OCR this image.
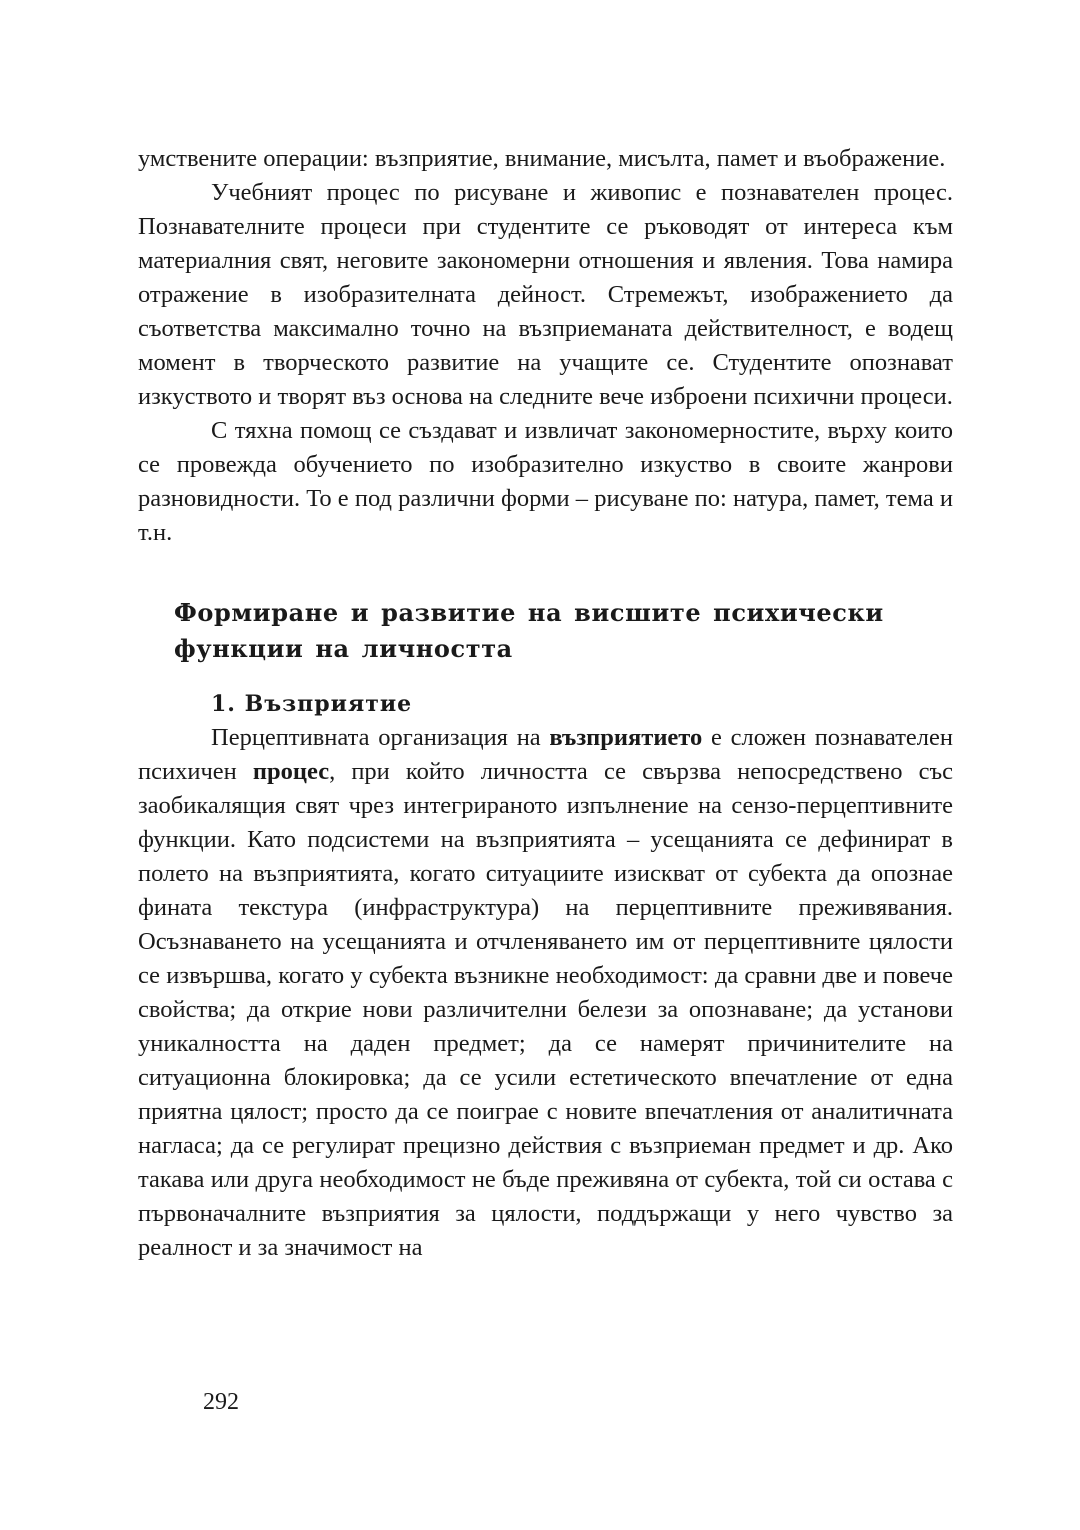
умствените операции: възприятие, внимание, мисълта, памет и въображение.

Учебният процес по рисуване и живопис е познавателен процес. Познавателните процеси при студентите се ръководят от интереса към материалния свят, неговите закономерни отношения и явления. Това намира отражение в изобразителната дейност. Стремежът, изображението да съответства максимално точно на възприеманата действителност, е водещ момент в творческото развитие на учащите се. Студентите опознават изкуството и творят въз основа на следните вече изброени психични процеси.

С тяхна помощ се създават и извличат закономерностите, върху които се провежда обучението по изобразително изкуство в своите жанрови разновидности. То е под различни форми – рисуване по: натура, памет, тема и т.н.

Формиране и развитие на висшите психически функции на личността
1. Възприятие

Перцептивната организация на възприятието е сложен познавателен психичен процес, при който личността се свързва непосредствено със заобикалящия свят чрез интегрираното изпълнение на сензо-перцептивните функции. Като подсистеми на възприятията – усещанията се дефинират в полето на възприятията, когато ситуациите изискват от субекта да опознае фината текстура (инфраструктура) на перцептивните преживявания. Осъзнаването на усещанията и отчленяването им от перцептивните цялости се извършва, когато у субекта възникне необходимост: да сравни две и повече свойства; да открие нови различителни белези за опознаване; да установи уникалността на даден предмет; да се намерят причинителите на ситуационна блокировка; да се усили естетическото впечатление от една приятна цялост; просто да се поиграе с новите впечатления от аналитичната нагласа; да се регулират прецизно действия с възприеман предмет и др. Ако такава или друга необходимост не бъде преживяна от субекта, той си остава с първоначалните възприятия за цялости, поддържащи у него чувство за реалност и за значимост на

292
